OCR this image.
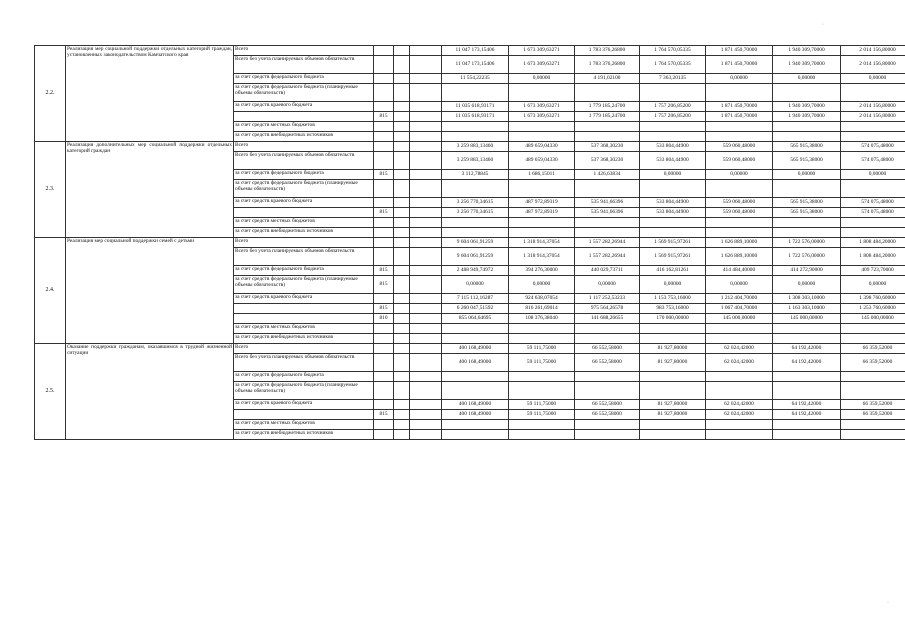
·
·
2.2.	Реализация мер социальной поддержки отдельных категорий граждан, установленных законодательством Камчатского края	Всего				11 047 173,15406	1 673 309,63271	1 783 376,26800	1 764 570,05335	1 871 450,70000	1 940 309,70000	2 014 156,80000
		Всего без учета планируемых объемов обязательств				11 047 173,15406	1 673 309,63271	1 783 376,26800	1 764 570,05335	1 871 450,70000	1 940 309,70000	2 014 156,80000
		за счет средств федерального бюджета				11 554,22235	0,00000	4 191,02100	7 363,20135	0,00000	0,00000	0,00000
		за счет средств федерального бюджета (планируемые объемы обязательств)										
		за счет средств краевого бюджета				11 035 618,93171	1 673 309,63271	1 779 185,24700	1 757 206,85200	1 871 450,70000	1 940 309,70000	2 014 156,80000
			815			11 035 618,93171	1 673 309,63271	1 779 185,24700	1 757 206,85200	1 871 450,70000	1 940 309,70000	2 014 156,80000
		за счет средств местных бюджетов										
		за счет средств внебюджетных источников										
2.3.	Реализация дополнительных мер социальной поддержки отдельных категорий граждан	Всего				3 259 883,13460	489 659,04330	537 368,30230	533 804,44900	559 060,48000	565 915,38000	574 075,48000
		Всего без учета планируемых объемов обязательств				3 259 883,13460	489 659,04330	537 368,30230	533 804,44900	559 060,48000	565 915,38000	574 075,48000
		за счет средств федерального бюджета	815			3 112,78845	1 686,15011	1 426,63834	0,00000	0,00000	0,00000	0,00000
		за счет средств федерального бюджета (планируемые объемы обязательств)										
		за счет средств краевого бюджета				3 256 770,34615	487 972,89319	535 941,66396	533 804,44900	559 060,48000	565 915,38000	574 075,48000
			815			3 256 770,34615	487 972,89319	535 941,66396	533 804,44900	559 060,48000	565 915,38000	574 075,48000
		за счет средств местных бюджетов										
		за счет средств внебюджетных источников										
2.4.	Реализация мер социальной поддержки семей с детьми	Всего				9 604 061,91259	1 318 914,37054	1 557 282,26944	1 569 915,97261	1 626 889,10000	1 722 576,00000	1 808 484,20000
		Всего без учета планируемых объемов обязательств				9 604 061,91259	1 318 914,37054	1 557 282,26944	1 569 915,97261	1 626 889,10000	1 722 576,00000	1 808 484,20000
		за счет средств федерального бюджета	815			2 488 949,74972	394 276,30000	440 029,73711	416 162,81261	414 484,40000	414 272,90000	409 723,70000
		за счет средств федерального бюджета (планируемые объемы обязательств)	815			0,00000	0,00000	0,00000	0,00000	0,00000	0,00000	0,00000
		за счет средств краевого бюджета				7 115 112,16287	924 638,07054	1 117 252,53233	1 153 753,16000	1 212 404,70000	1 308 303,10000	1 398 760,60000
			815			6 260 047,51592	816 261,69014	975 564,26578	983 753,16000	1 067 404,70000	1 163 303,10000	1 253 760,60000
			810			855 064,64695	108 376,38040	141 688,26655	170 000,00000	145 000,00000	145 000,00000	145 000,00000
		за счет средств местных бюджетов										
		за счет средств внебюджетных источников										
2.5.	Оказание поддержки гражданам, оказавшимся в трудной жизненной ситуации	Всего				400 168,49000	59 111,75000	66 552,58000	81 927,80000	62 024,42000	64 192,42000	66 359,52000
		Всего без учета планируемых объемов обязательств				400 168,49000	59 111,75000	66 552,58000	81 927,80000	62 024,42000	64 192,42000	66 359,52000
		за счет средств федерального бюджета										
		за счет средств федерального бюджета (планируемые объемы обязательств)										
		за счет средств краевого бюджета				400 168,49000	59 111,75000	66 552,58000	81 927,80000	62 024,42000	64 192,42000	66 359,52000
			815			400 168,49000	59 111,75000	66 552,58000	81 927,80000	62 024,42000	64 192,42000	66 359,52000
		за счет средств местных бюджетов										
		за счет средств внебюджетных источников										
